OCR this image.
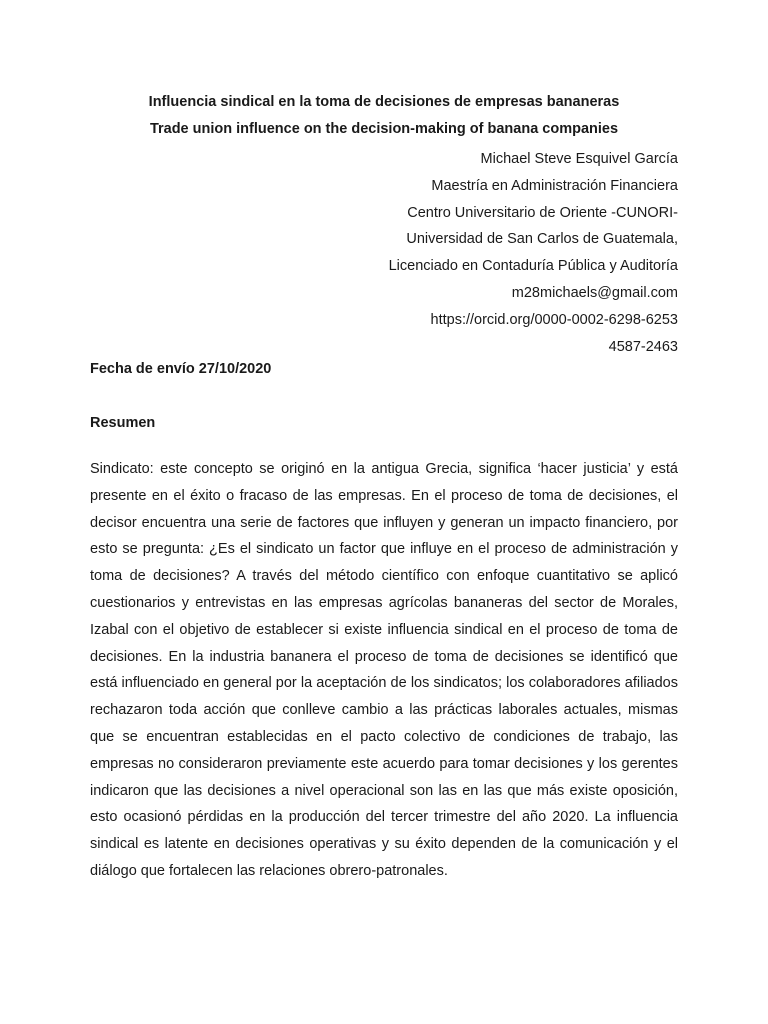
Influencia sindical en la toma de decisiones de empresas bananeras
Trade union influence on the decision-making of banana companies
Michael Steve Esquivel García
Maestría en Administración Financiera
Centro Universitario de Oriente -CUNORI-
Universidad de San Carlos de Guatemala,
Licenciado en Contaduría Pública y Auditoría
m28michaels@gmail.com
https://orcid.org/0000-0002-6298-6253
4587-2463
Fecha de envío 27/10/2020
Resumen

Sindicato: este concepto se originó en la antigua Grecia, significa ‘hacer justicia’ y está presente en el éxito o fracaso de las empresas. En el proceso de toma de decisiones, el decisor encuentra una serie de factores que influyen y generan un impacto financiero, por esto se pregunta: ¿Es el sindicato un factor que influye en el proceso de administración y toma de decisiones? A través del método científico con enfoque cuantitativo se aplicó cuestionarios y entrevistas en las empresas agrícolas bananeras del sector de Morales, Izabal con el objetivo de establecer si existe influencia sindical en el proceso de toma de decisiones. En la industria bananera el proceso de toma de decisiones se identificó que está influenciado en general por la aceptación de los sindicatos; los colaboradores afiliados rechazaron toda acción que conlleve cambio a las prácticas laborales actuales, mismas que se encuentran establecidas en el pacto colectivo de condiciones de trabajo, las empresas no consideraron previamente este acuerdo para tomar decisiones y los gerentes indicaron que las decisiones a nivel operacional son las en las que más existe oposición, esto ocasionó pérdidas en la producción del tercer trimestre del año 2020. La influencia sindical es latente en decisiones operativas y su éxito dependen de la comunicación y el diálogo que fortalecen las relaciones obrero-patronales.
